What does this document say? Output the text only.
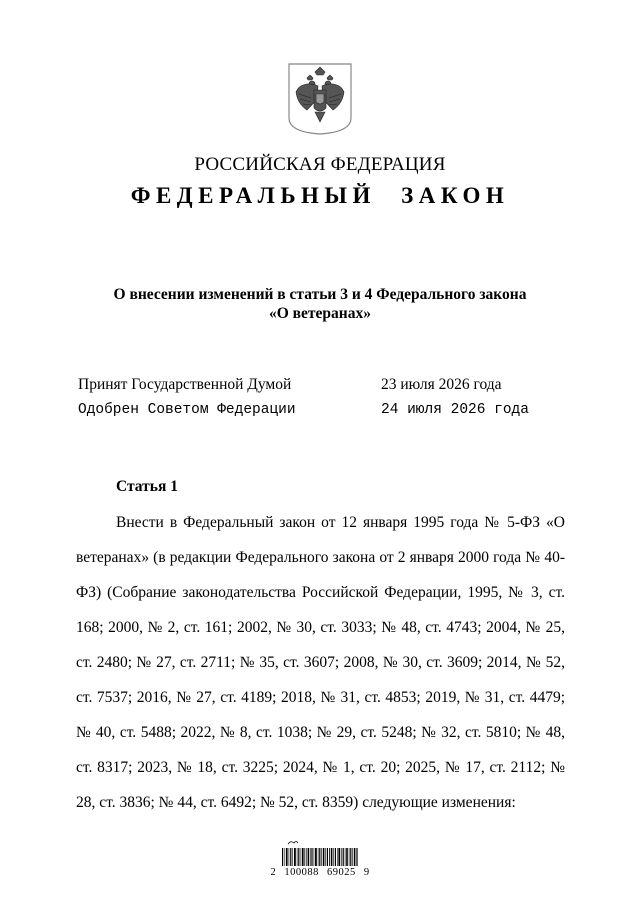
РОССИЙСКАЯ ФЕДЕРАЦИЯ
ФЕДЕРАЛЬНЫЙ ЗАКОН
О внесении изменений в статьи 3 и 4 Федерального закона
«О ветеранах»
Принят Государственной Думой	23 июля 2026 года
Одобрен Советом Федерации	24 июля 2026 года
Статья 1
Внести в Федеральный закон от 12 января 1995 года № 5-ФЗ «О ветеранах» (в редакции Федерального закона от 2 января 2000 года № 40-ФЗ) (Собрание законодательства Российской Федерации, 1995, № 3, ст. 168; 2000, № 2, ст. 161; 2002, № 30, ст. 3033; № 48, ст. 4743; 2004, № 25, ст. 2480; № 27, ст. 2711; № 35, ст. 3607; 2008, № 30, ст. 3609; 2014, № 52, ст. 7537; 2016, № 27, ст. 4189; 2018, № 31, ст. 4853; 2019, № 31, ст. 4479; № 40, ст. 5488; 2022, № 8, ст. 1038; № 29, ст. 5248; № 32, ст. 5810; № 48, ст. 8317; 2023, № 18, ст. 3225; 2024, № 1, ст. 20; 2025, № 17, ст. 2112; № 28, ст. 3836; № 44, ст. 6492; № 52, ст. 8359) следующие изменения:
2 100088 69025 9
